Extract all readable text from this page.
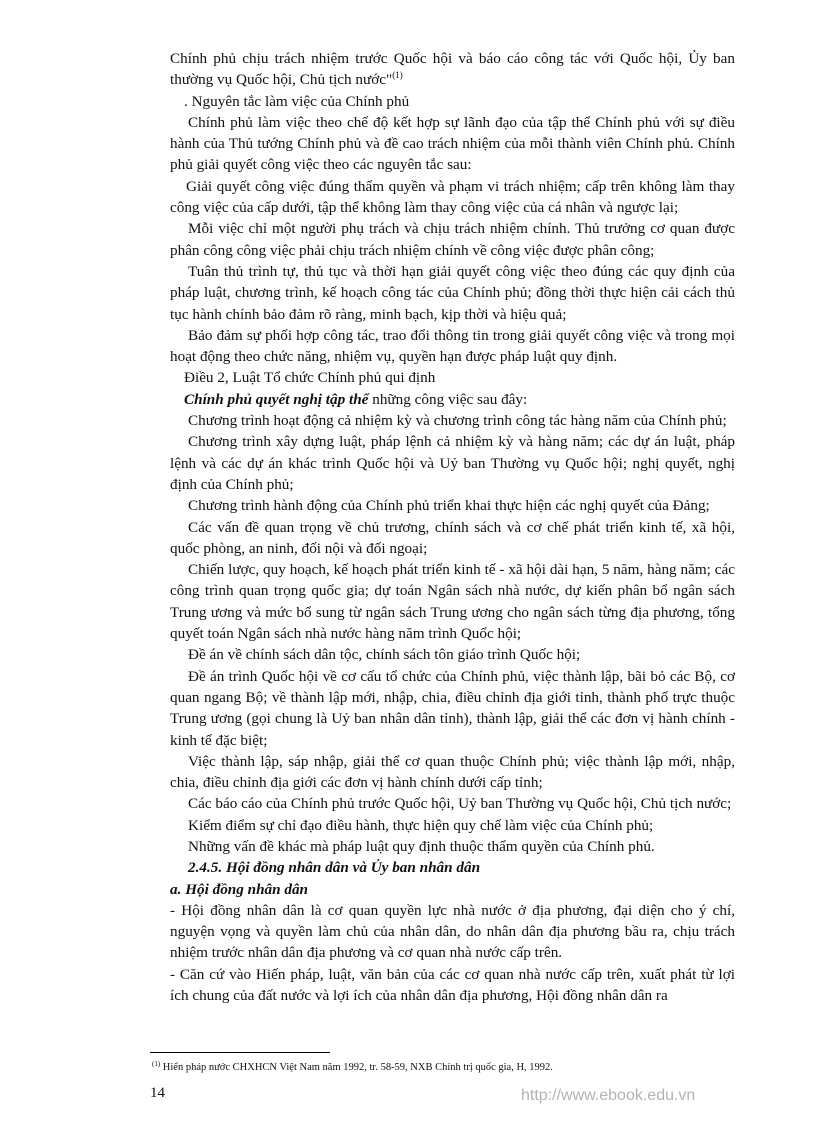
Chính phủ chịu trách nhiệm trước Quốc hội và báo cáo công tác với Quốc hội, Ủy ban thường vụ Quốc hội, Chủ tịch nước"$^{(1)}$

. Nguyên tắc làm việc của Chính phủ

Chính phủ làm việc theo chế độ kết hợp sự lãnh đạo của tập thể Chính phủ với sự điều hành của Thủ tướng Chính phủ và đề cao trách nhiệm của mỗi thành viên Chính phủ. Chính phủ giải quyết công việc theo các nguyên tắc sau:

Giải quyết công việc đúng thẩm quyền và phạm vi trách nhiệm; cấp trên không làm thay công việc của cấp dưới, tập thể không làm thay công việc của cá nhân và ngược lại;

Mỗi việc chỉ một người phụ trách và chịu trách nhiệm chính. Thủ trưởng cơ quan được phân công công việc phải chịu trách nhiệm chính về công việc được phân công;

Tuân thủ trình tự, thủ tục và thời hạn giải quyết công việc theo đúng các quy định của pháp luật, chương trình, kế hoạch công tác của Chính phủ; đồng thời thực hiện cải cách thủ tục hành chính bảo đảm rõ ràng, minh bạch, kịp thời và hiệu quả;

Bảo đảm sự phối hợp công tác, trao đổi thông tin trong giải quyết công việc và trong mọi hoạt động theo chức năng, nhiệm vụ, quyền hạn được pháp luật quy định.

Điều 2, Luật Tổ chức Chính phủ qui định

Chính phủ quyết nghị tập thể những công việc sau đây:

Chương trình hoạt động cả nhiệm kỳ và chương trình công tác hàng năm của Chính phủ;

Chương trình xây dựng luật, pháp lệnh cả nhiệm kỳ và hàng năm; các dự án luật, pháp lệnh và các dự án khác trình Quốc hội và Uỷ ban Thường vụ Quốc hội; nghị quyết, nghị định của Chính phủ;

Chương trình hành động của Chính phủ triển khai thực hiện các nghị quyết của Đảng;

Các vấn đề quan trọng về chủ trương, chính sách và cơ chế phát triển kinh tế, xã hội, quốc phòng, an ninh, đối nội và đối ngoại;

Chiến lược, quy hoạch, kế hoạch phát triển kinh tế - xã hội dài hạn, 5 năm, hàng năm; các công trình quan trọng quốc gia; dự toán Ngân sách nhà nước, dự kiến phân bổ ngân sách Trung ương và mức bổ sung từ ngân sách Trung ương cho ngân sách từng địa phương, tổng quyết toán Ngân sách nhà nước hàng năm trình Quốc hội;

Đề án về chính sách dân tộc, chính sách tôn giáo trình Quốc hội;

Đề án trình Quốc hội về cơ cấu tổ chức của Chính phủ, việc thành lập, bãi bỏ các Bộ, cơ quan ngang Bộ; về thành lập mới, nhập, chia, điều chỉnh địa giới tỉnh, thành phố trực thuộc Trung ương (gọi chung là Uỷ ban nhân dân tỉnh), thành lập, giải thể các đơn vị hành chính - kinh tế đặc biệt;

Việc thành lập, sáp nhập, giải thể cơ quan thuộc Chính phủ; việc thành lập mới, nhập, chia, điều chỉnh địa giới các đơn vị hành chính dưới cấp tỉnh;

Các báo cáo của Chính phủ trước Quốc hội, Uỷ ban Thường vụ Quốc hội, Chủ tịch nước;

Kiểm điểm sự chỉ đạo điều hành, thực hiện quy chế làm việc của Chính phủ;

Những vấn đề khác mà pháp luật quy định thuộc thẩm quyền của Chính phủ.

2.4.5. Hội đồng nhân dân và Ủy ban nhân dân

a. Hội đồng nhân dân

- Hội đồng nhân dân là cơ quan quyền lực nhà nước ở địa phương, đại diện cho ý chí, nguyện vọng và quyền làm chủ của nhân dân, do nhân dân địa phương bầu ra, chịu trách nhiệm trước nhân dân địa phương và cơ quan nhà nước cấp trên.

- Căn cứ vào Hiến pháp, luật, văn bản của các cơ quan nhà nước cấp trên, xuất phát từ lợi ích chung của đất nước và lợi ích của nhân dân địa phương, Hội đồng nhân dân ra

$^{(1)}$ Hiến pháp nước CHXHCN Việt Nam năm 1992, tr. 58-59, NXB Chính trị quốc gia, H, 1992.
14	http://www.ebook.edu.vn
